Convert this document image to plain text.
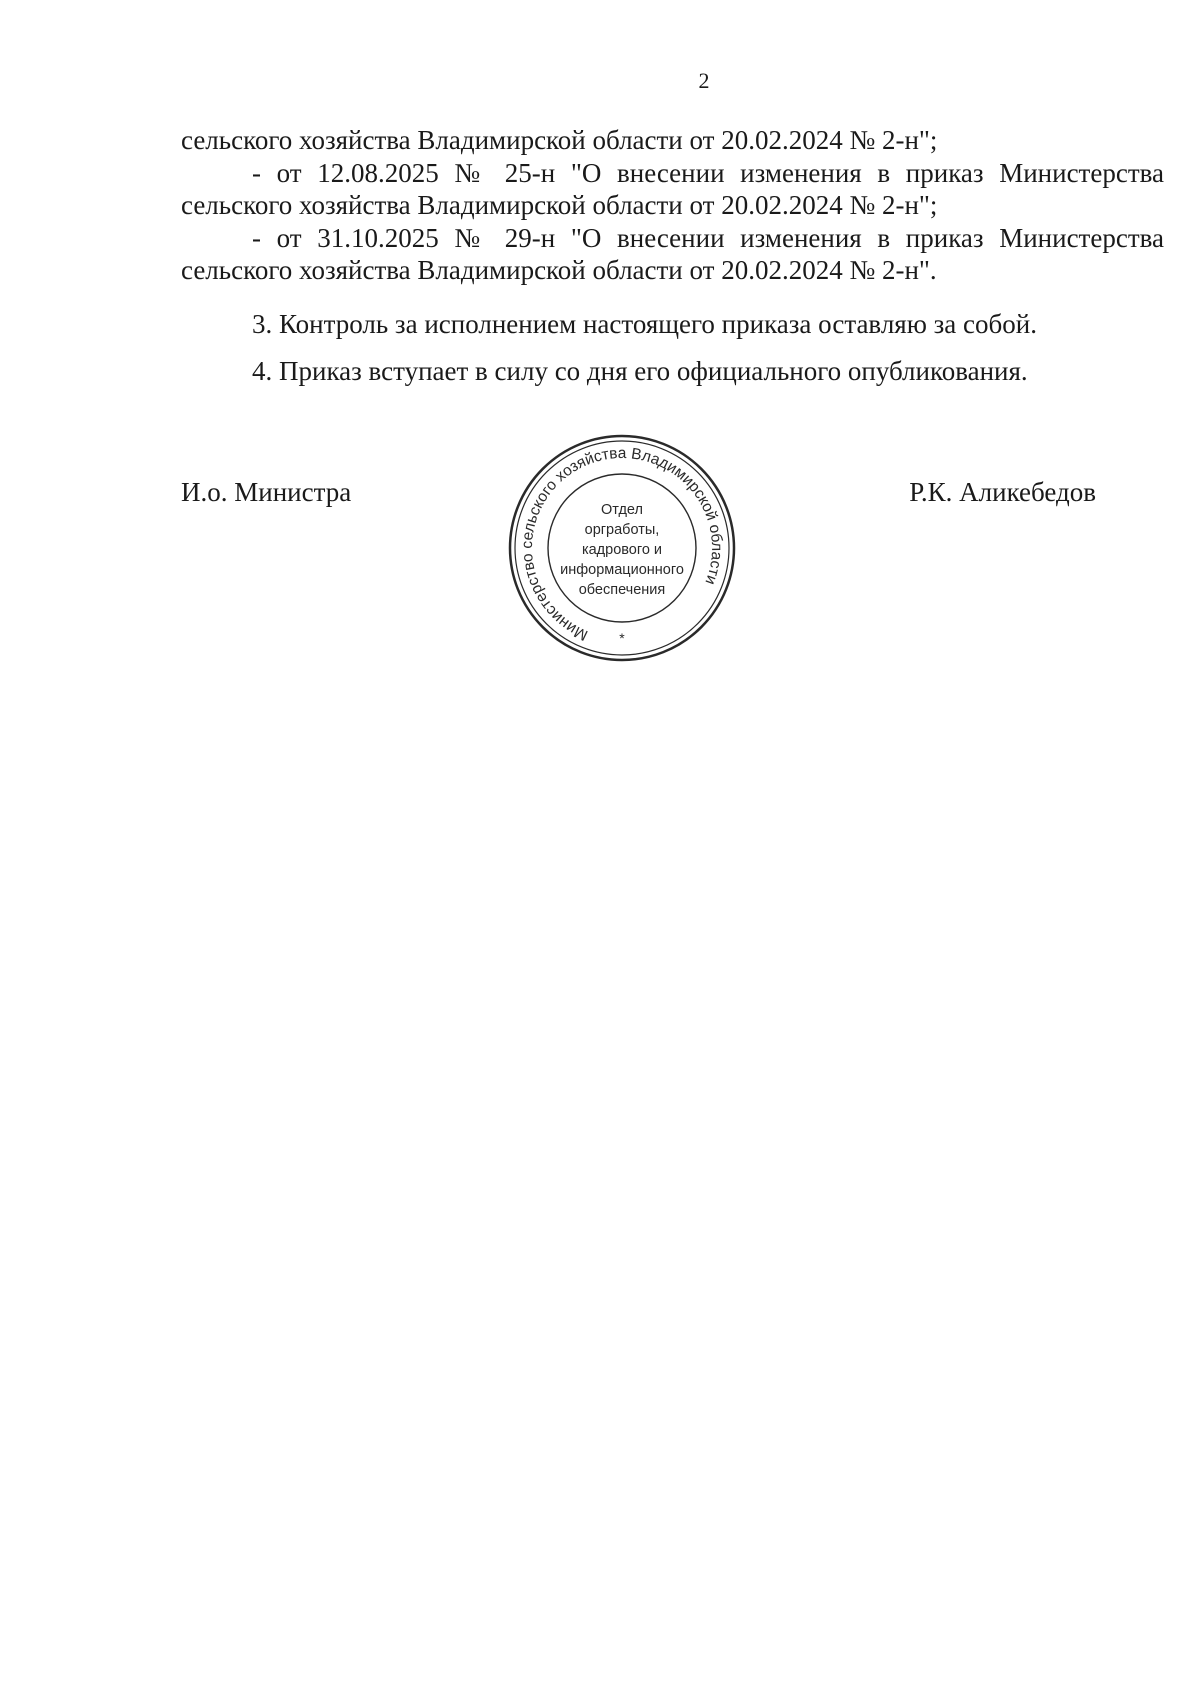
2
сельского хозяйства Владимирской области от 20.02.2024 № 2-н";
- от 12.08.2025 № 25-н "О внесении изменения в приказ Министерства
сельского хозяйства Владимирской области от 20.02.2024 № 2-н";
- от 31.10.2025 № 29-н "О внесении изменения в приказ Министерства
сельского хозяйства Владимирской области от 20.02.2024 № 2-н".
3. Контроль за исполнением настоящего приказа оставляю за собой.
4. Приказ вступает в силу со дня его официального опубликования.
И.о. Министра	Р.К. Аликебедов
Министерство сельского хозяйства Владимирской области
*
Отдел
оргработы,
кадрового и
информационного
обеспечения
